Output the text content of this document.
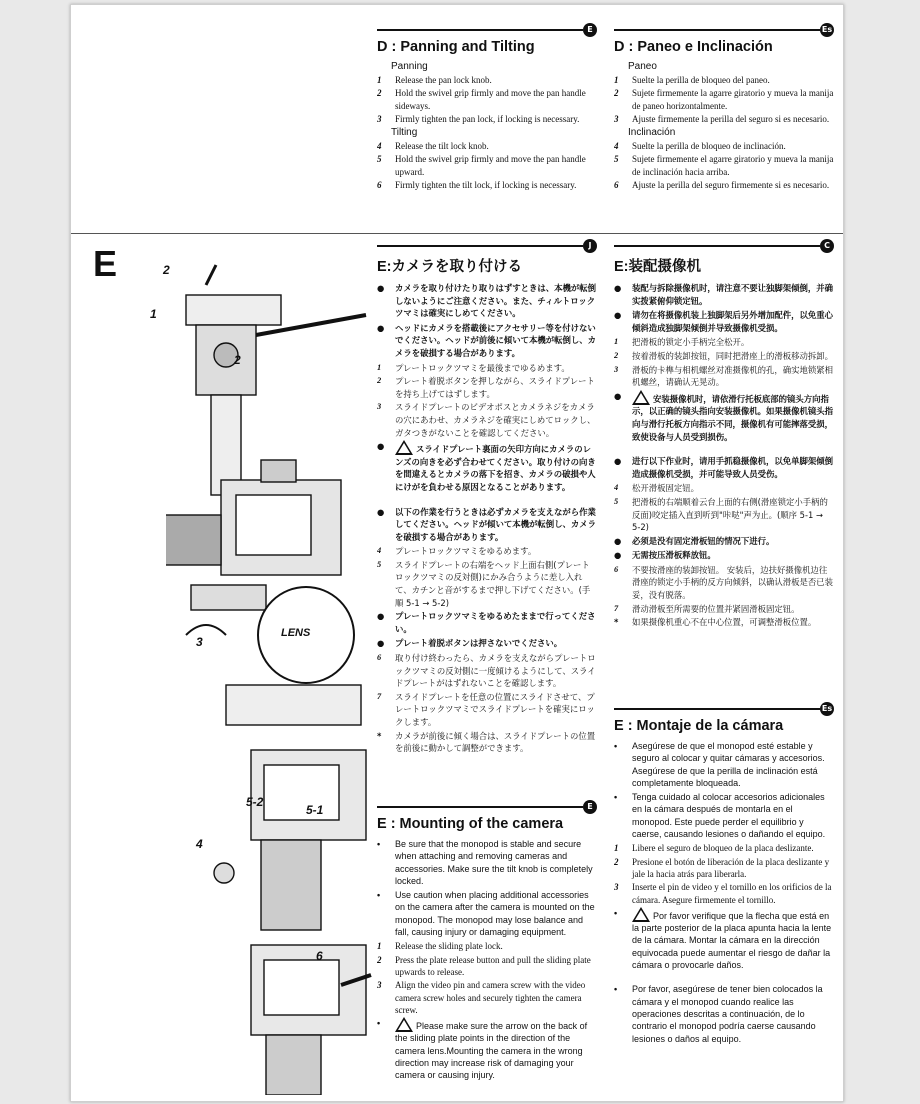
E
D : Panning and Tilting
Panning
1 Release the pan lock knob.
2 Hold the swivel grip firmly and move the pan handle sideways.
3 Firmly tighten the pan lock, if locking is necessary.
Tilting
4 Release the tilt lock knob.
5 Hold the swivel grip firmly and move the pan handle upward.
6 Firmly tighten the tilt lock, if locking is necessary.
Es
D : Paneo e Inclinación
Paneo
1 Suelte la perilla de bloqueo del paneo.
2 Sujete firmemente la agarre giratorio y mueva la manija de paneo horizontalmente.
3 Ajuste firmemente la perilla del seguro si es necesario.
Inclinación
4 Suelte la perilla de bloqueo de inclinación.
5 Sujete firmemente el agarre giratorio y mueva la manija de inclinación hacia arriba.
6 Ajuste la perilla del seguro firmemente si es necesario.
E	2
1
2
3
LENS
5-2
5-1
4
6
J
E:カメラを取り付ける
● カメラを取り付けたり取りはずすときは、本機が転倒しないようにご注意ください。また、チィルトロックツマミは確実にしめてください。
● ヘッドにカメラを搭載後にアクセサリー等を付けないでください。ヘッドが前後に傾いて本機が転倒し、カメラを破損する場合があります。
1 プレートロックツマミを最後までゆるめます。
2 プレート着脱ボタンを押しながら、スライドプレートを持ち上げてはずします。
3 スライドプレートのビデオポスとカメラネジをカメラの穴にあわせ、カメラネジを確実にしめてロックし、ガタつきがないことを確認してください。
●	スライドプレート裏面の矢印方向にカメラのレンズの向きを必ず合わせてください。取り付けの向きを間違えるとカメラの落下を招き、カメラの破損や人にけがを負わせる原因となることがあります。
● 以下の作業を行うときは必ずカメラを支えながら作業してください。ヘッドが傾いて本機が転倒し、カメラを破損する場合があります。
4 プレートロックツマミをゆるめます。
5 スライドプレートの右端をヘッド上面右側(プレートロックツマミの反対側)にかみ合うように差し入れて、カチンと音がするまで押し下げてください。(手順 5-1 → 5-2)
● プレートロックツマミをゆるめたままで行ってください。
● プレート着脱ボタンは押さないでください。
6 取り付け終わったら、カメラを支えながらプレートロックツマミの反対側に一度傾けるようにして、スライドプレートがはずれないことを確認します。
7 スライドプレートを任意の位置にスライドさせて、プレートロックツマミでスライドプレートを確実にロックします。
* カメラが前後に傾く場合は、スライドプレートの位置を前後に動かして調整ができます。
E
E : Mounting of the camera
• Be sure that the monopod is stable and secure when attaching and removing cameras and accessories. Make sure the tilt knob is completely locked.
• Use caution when placing additional accessories on the camera after the camera is mounted on the monopod. The monopod may lose balance and fall, causing injury or damaging equipment.
1 Release the sliding plate lock.
2 Press the plate release button and pull the sliding plate upwards to release.
3 Align the video pin and camera screw with the video camera screw holes and securely tighten the camera screw.
•	Please make sure the arrow on the back of the sliding plate points in the direction of the camera lens.Mounting the camera in the wrong direction may increase risk of damaging your camera or causing injury.
C
E:装配摄像机
● 装配与拆除摄像机时，请注意不要让独脚架倾倒，并确实拨紧俯仰锁定钮。
● 请勿在将摄像机装上独脚架后另外增加配件，以免重心倾斜造成独脚架倾倒并导致摄像机受损。
1 把滑板的锁定小手柄完全松开。
2 按着滑板的装卸按钮，同时把滑座上的滑板移动拆卸。
3 滑板的卡榫与相机螺丝对准摄像机的孔，确实地锁紧相机螺丝，请确认无晃动。
●	安装摄像机时，请依滑行托板底部的镜头方向指示，以正确的镜头指向安装摄像机。如果摄像机镜头指向与滑行托板方向指示不同，摄像机有可能摔落受损，致使设备与人员受到损伤。
● 进行以下作业时，请用手抓稳摄像机，以免单脚架倾倒造成摄像机受损，并可能导致人员受伤。
4 松开滑板固定钮。
5 把滑板的右端顺着云台上面的右侧(滑座锁定小手柄的反面)咬定插入直到听到"咔哒"声为止。(顺序 5-1 → 5-2)
● 必须是没有固定滑板钮的情况下进行。
● 无需按压滑板释放钮。
6 不要按滑座的装卸按钮。 安装后，边扶好摄像机边往滑座的锁定小手柄的反方向倾斜，以确认滑板是否已装妥，没有脱落。
7 滑动滑板至所需要的位置并紧固滑板固定钮。
* 如果摄像机重心不在中心位置，可调整滑板位置。
Es
E : Montaje de la cámara
• Asegúrese de que el monopod esté estable y seguro al colocar y quitar cámaras y accesorios. Asegúrese de que la perilla de inclinación está completamente bloqueada.
• Tenga cuidado al colocar accesorios adicionales en la cámara después de montarla en el monopod. Este puede perder el equilibrio y caerse, causando lesiones o dañando el equipo.
1 Libere el seguro de bloqueo de la placa deslizante.
2 Presione el botón de liberación de la placa deslizante y jale la hacia atrás para liberarla.
3 Inserte el pin de video y el tornillo en los orificios de la cámara. Asegure firmemente el tornillo.
•	Por favor verifique que la flecha que está en la parte posterior de la placa apunta hacia la lente de la cámara. Montar la cámara en la dirección equivocada puede aumentar el riesgo de dañar la cámara o provocarle daños.
• Por favor, asegúrese de tener bien colocados la cámara y el monopod cuando realice las operaciones descritas a continuación, de lo contrario el monopod podría caerse causando lesiones o daños al equipo.
